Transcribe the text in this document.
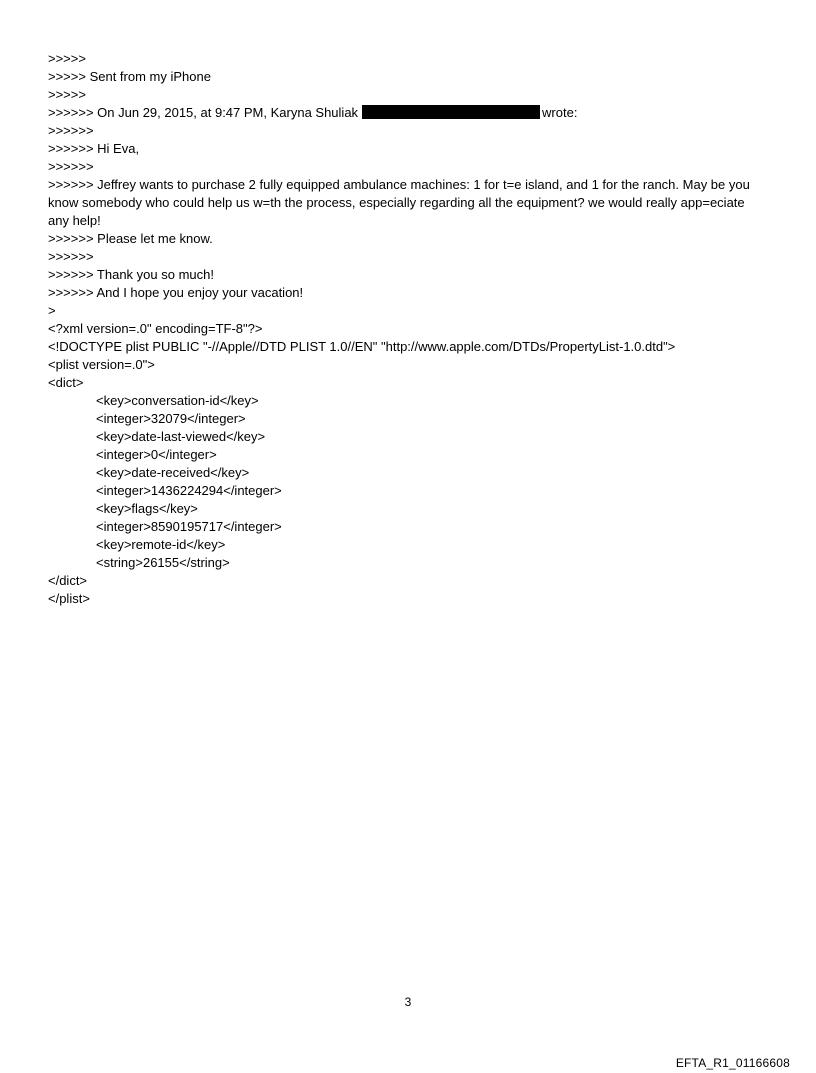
>>>>>
>>>>> Sent from my iPhone
>>>>>
>>>>>> On Jun 29, 2015, at 9:47 PM, Karyna Shuliak	wrote:
>>>>>>
>>>>>> Hi Eva,
>>>>>>
>>>>>> Jeffrey wants to purchase 2 fully equipped ambulance machines: 1 for t=e island, and 1 for the ranch. May be you know somebody who could help us w=th the process, especially regarding all the equipment? we would really app=eciate any help!
>>>>>> Please let me know.
>>>>>>
>>>>>> Thank you so much!
>>>>>> And I hope you enjoy your vacation!
>
<?xml version=.0" encoding=TF-8"?>
<!DOCTYPE plist PUBLIC "-//Apple//DTD PLIST 1.0//EN" "http://www.apple.com/DTDs/PropertyList-1.0.dtd">
<plist version=.0">
<dict>
<key>conversation-id</key>
<integer>32079</integer>
<key>date-last-viewed</key>
<integer>0</integer>
<key>date-received</key>
<integer>1436224294</integer>
<key>flags</key>
<integer>8590195717</integer>
<key>remote-id</key>
<string>26155</string>
</dict>
</plist>
3
EFTA_R1_01166608
